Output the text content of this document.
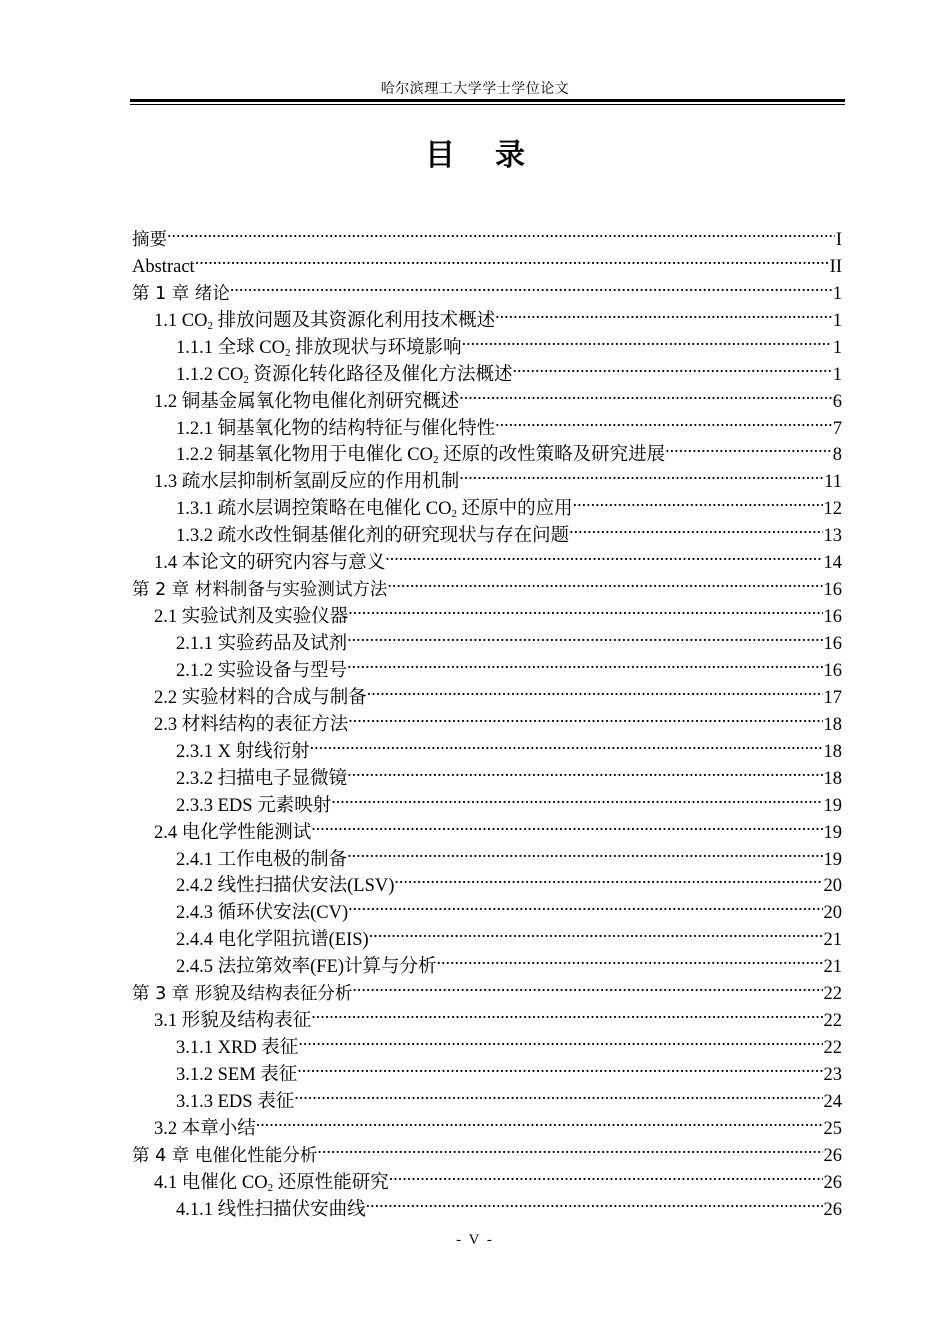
哈尔滨理工大学学士学位论文
目 录
摘要 .....	I
Abstract .....	II
第 1 章 绪论 .....	1
1.1 $CO_2$ 排放问题及其资源化利用技术概述 .....	1
1.1.1 全球 $CO_2$ 排放现状与环境影响 .....	1
1.1.2 $CO_2$ 资源化转化路径及催化方法概述 .....	1
1.2 铜基金属氧化物电催化剂研究概述 .....	6
1.2.1 铜基氧化物的结构特征与催化特性 .....	7
1.2.2 铜基氧化物用于电催化 $CO_2$ 还原的改性策略及研究进展 .....	8
1.3 疏水层抑制析氢副反应的作用机制 .....	11
1.3.1 疏水层调控策略在电催化 $CO_2$ 还原中的应用 .....	12
1.3.2 疏水改性铜基催化剂的研究现状与存在问题 .....	13
1.4 本论文的研究内容与意义 .....	14
第 2 章 材料制备与实验测试方法 .....	16
2.1 实验试剂及实验仪器 .....	16
2.1.1 实验药品及试剂 .....	16
2.1.2 实验设备与型号 .....	16
2.2 实验材料的合成与制备 .....	17
2.3 材料结构的表征方法 .....	18
2.3.1 X 射线衍射 .....	18
2.3.2 扫描电子显微镜 .....	18
2.3.3 EDS 元素映射 .....	19
2.4 电化学性能测试 .....	19
2.4.1 工作电极的制备 .....	19
2.4.2 线性扫描伏安法(LSV) .....	20
2.4.3 循环伏安法(CV) .....	20
2.4.4 电化学阻抗谱(EIS) .....	21
2.4.5 法拉第效率(FE)计算与分析 .....	21
第 3 章 形貌及结构表征分析 .....	22
3.1 形貌及结构表征 .....	22
3.1.1 XRD 表征 .....	22
3.1.2 SEM 表征 .....	23
3.1.3 EDS 表征 .....	24
3.2 本章小结 .....	25
第 4 章 电催化性能分析 .....	26
4.1 电催化 $CO_2$ 还原性能研究 .....	26
4.1.1 线性扫描伏安曲线 .....	26
- V -
